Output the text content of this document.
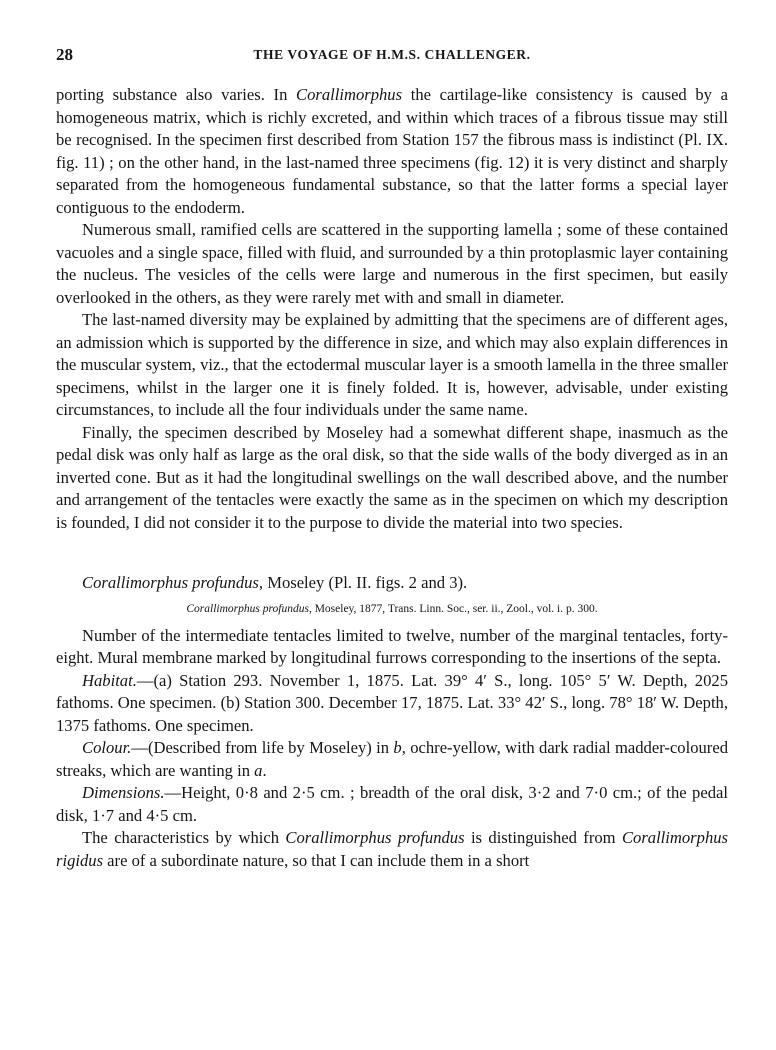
28	THE VOYAGE OF H.M.S. CHALLENGER.

porting substance also varies. In Corallimorphus the cartilage-like consistency is caused by a homogeneous matrix, which is richly excreted, and within which traces of a fibrous tissue may still be recognised. In the specimen first described from Station 157 the fibrous mass is indistinct (Pl. IX. fig. 11) ; on the other hand, in the last-named three specimens (fig. 12) it is very distinct and sharply separated from the homogeneous fundamental substance, so that the latter forms a special layer contiguous to the endoderm.

Numerous small, ramified cells are scattered in the supporting lamella ; some of these contained vacuoles and a single space, filled with fluid, and surrounded by a thin protoplasmic layer containing the nucleus. The vesicles of the cells were large and numerous in the first specimen, but easily overlooked in the others, as they were rarely met with and small in diameter.

The last-named diversity may be explained by admitting that the specimens are of different ages, an admission which is supported by the difference in size, and which may also explain differences in the muscular system, viz., that the ectodermal muscular layer is a smooth lamella in the three smaller specimens, whilst in the larger one it is finely folded. It is, however, advisable, under existing circumstances, to include all the four individuals under the same name.

Finally, the specimen described by Moseley had a somewhat different shape, inasmuch as the pedal disk was only half as large as the oral disk, so that the side walls of the body diverged as in an inverted cone. But as it had the longitudinal swellings on the wall described above, and the number and arrangement of the tentacles were exactly the same as in the specimen on which my description is founded, I did not consider it to the purpose to divide the material into two species.

Corallimorphus profundus, Moseley (Pl. II. figs. 2 and 3).
Corallimorphus profundus, Moseley, 1877, Trans. Linn. Soc., ser. ii., Zool., vol. i. p. 300.

Number of the intermediate tentacles limited to twelve, number of the marginal tentacles, forty-eight. Mural membrane marked by longitudinal furrows corresponding to the insertions of the septa.

Habitat.—(a) Station 293. November 1, 1875. Lat. 39° 4′ S., long. 105° 5′ W. Depth, 2025 fathoms. One specimen. (b) Station 300. December 17, 1875. Lat. 33° 42′ S., long. 78° 18′ W. Depth, 1375 fathoms. One specimen.

Colour.—(Described from life by Moseley) in b, ochre-yellow, with dark radial madder-coloured streaks, which are wanting in a.

Dimensions.—Height, 0·8 and 2·5 cm. ; breadth of the oral disk, 3·2 and 7·0 cm.; of the pedal disk, 1·7 and 4·5 cm.

The characteristics by which Corallimorphus profundus is distinguished from Corallimorphus rigidus are of a subordinate nature, so that I can include them in a short
